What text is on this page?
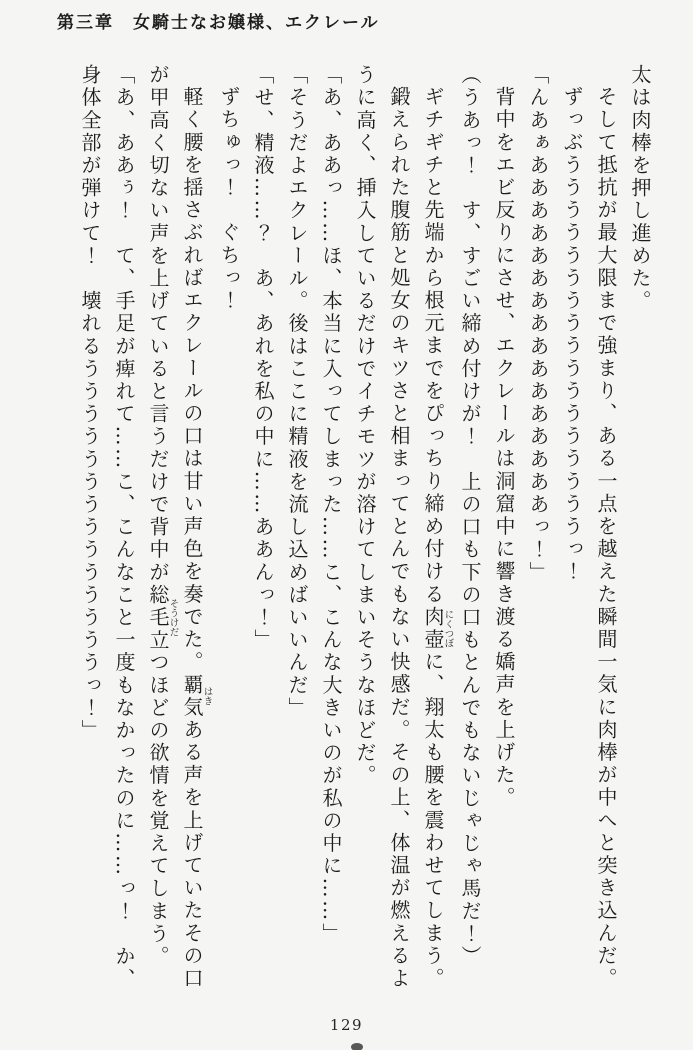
第三章　女騎士なお嬢様、エクレール

太は肉棒を押し進めた。

そして抵抗が最大限まで強まり、ある一点を越えた瞬間一気に肉棒が中へと突き込んだ。

ずっぶうううううううううううううううううっ！

「んあぁああああああああああああああああっ！」

背中をエビ反りにさせ、エクレールは洞窟中に響き渡る嬌声を上げた。

（うあっ！　す、すごい締め付けが！　上の口も下の口もとんでもないじゃじゃ馬だ！）

ギチギチと先端から根元までをぴっちり締め付ける肉壺にくつぼに、翔太も腰を震わせてしまう。

鍛えられた腹筋と処女のキツさと相まってとんでもない快感だ。その上、体温が燃えるように高く、挿入しているだけでイチモツが溶けてしまいそうなほどだ。

「あ、ああっ……ほ、本当に入ってしまった……こ、こんな大きいのが私の中に……」

「そうだよエクレール。後はここに精液を流し込めばいいんだ」

「せ、精液……？　あ、あれを私の中に……ああんっ！」

ずちゅっ！　ぐちっ！

軽く腰を揺さぶればエクレールの口は甘い声色を奏でた。覇気はきある声を上げていたその口が甲高く切ない声を上げていると言うだけで背中が総毛立そうけだつほどの欲情を覚えてしまう。

「あ、ああぅ！　て、手足が痺れて……こ、こんなこと一度もなかったのに……っ！　か、身体全部が弾けて！　壊れるううううううううううううううっ！」

129
